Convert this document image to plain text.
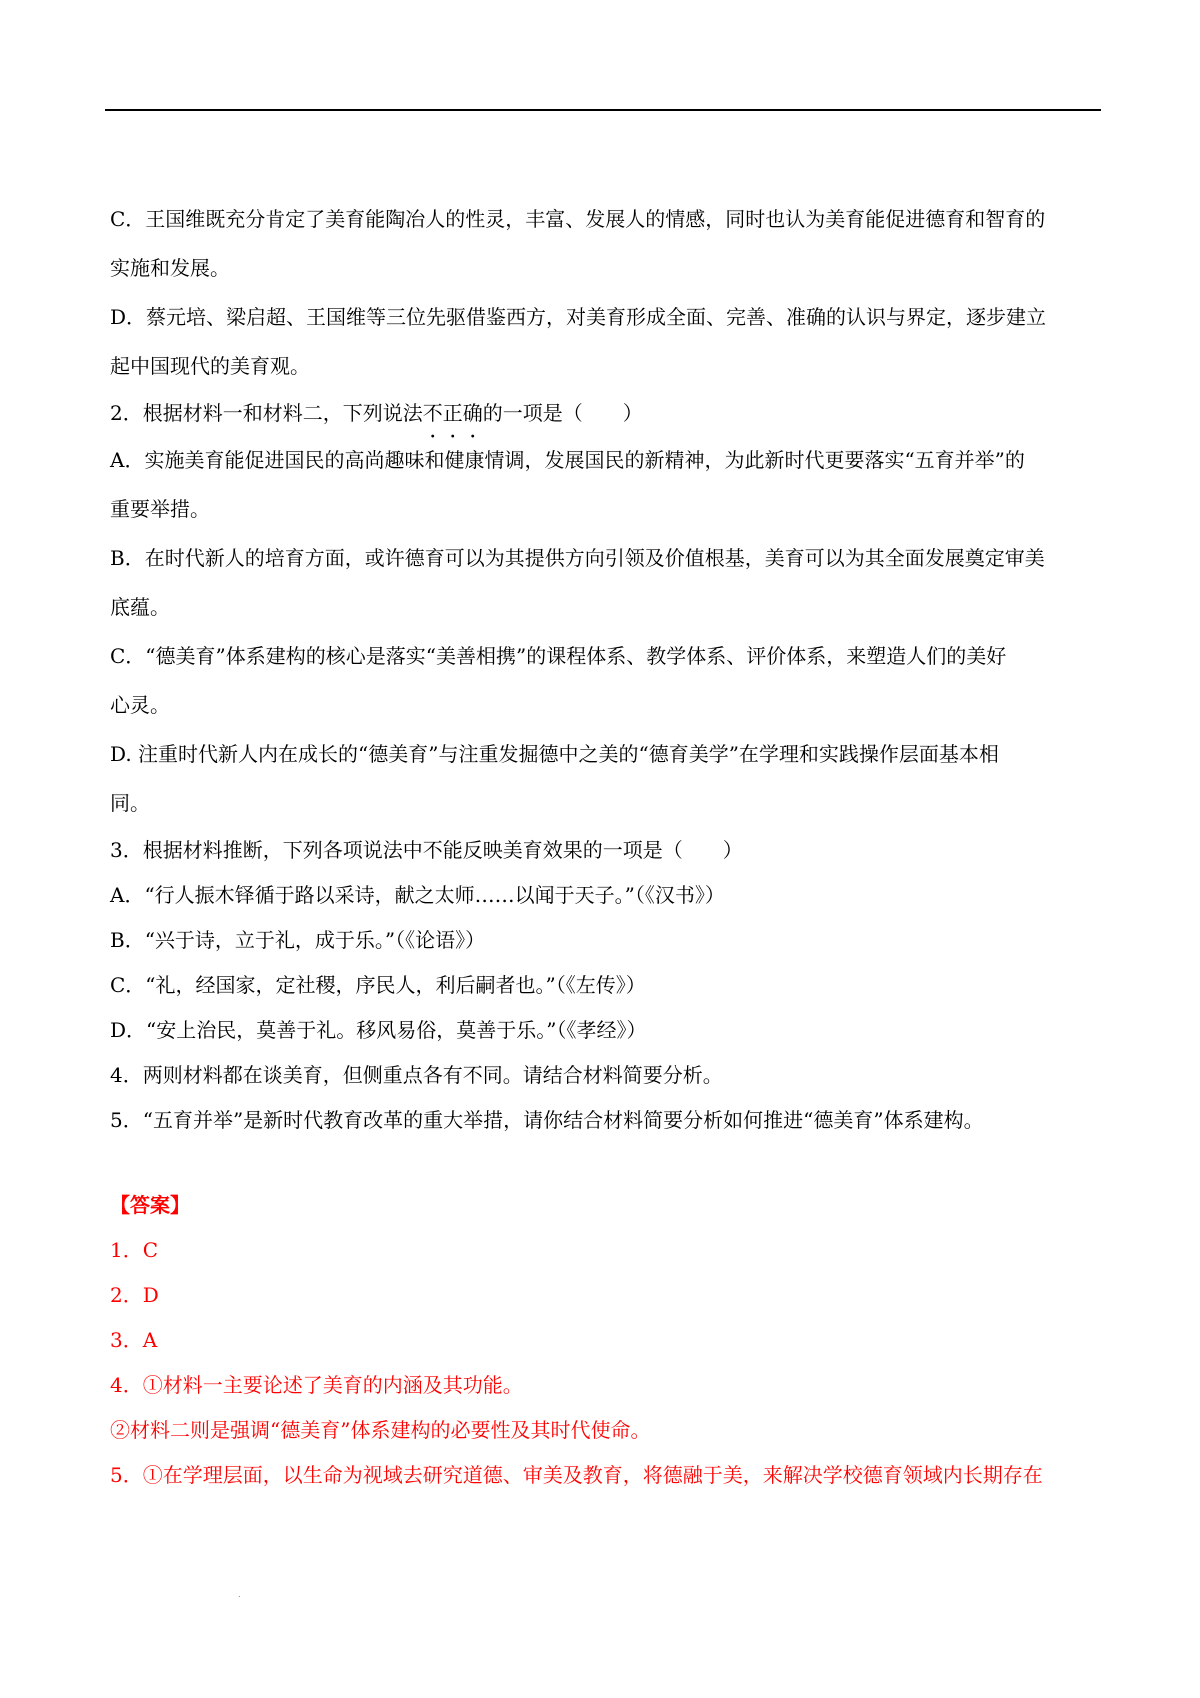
C．王国维既充分肯定了美育能陶冶人的性灵，丰富、发展人的情感，同时也认为美育能促进德育和智育的
实施和发展。
D．蔡元培、梁启超、王国维等三位先驱借鉴西方，对美育形成全面、完善、准确的认识与界定，逐步建立
起中国现代的美育观。
2．根据材料一和材料二，下列说法不正确的一项是（　　）
A．实施美育能促进国民的高尚趣味和健康情调，发展国民的新精神，为此新时代更要落实“五育并举”的
重要举措。
B．在时代新人的培育方面，或许德育可以为其提供方向引领及价值根基，美育可以为其全面发展奠定审美
底蕴。
C．“德美育”体系建构的核心是落实“美善相携”的课程体系、教学体系、评价体系，来塑造人们的美好
心灵。
D. 注重时代新人内在成长的“德美育”与注重发掘德中之美的“德育美学”在学理和实践操作层面基本相
同。
3．根据材料推断，下列各项说法中不能反映美育效果的一项是（　　）
A．“行人振木铎循于路以采诗，献之太师……以闻于天子。”（《汉书》）
B．“兴于诗，立于礼，成于乐。”（《论语》）
C．“礼，经国家，定社稷，序民人，利后嗣者也。”（《左传》）
D．“安上治民，莫善于礼。移风易俗，莫善于乐。”（《孝经》）
4．两则材料都在谈美育，但侧重点各有不同。请结合材料简要分析。
5．“五育并举”是新时代教育改革的重大举措，请你结合材料简要分析如何推进“德美育”体系建构。
【答案】
1．C
2．D
3．A
4．①材料一主要论述了美育的内涵及其功能。
②材料二则是强调“德美育”体系建构的必要性及其时代使命。
5．①在学理层面，以生命为视域去研究道德、审美及教育，将德融于美，来解决学校德育领域内长期存在
.
